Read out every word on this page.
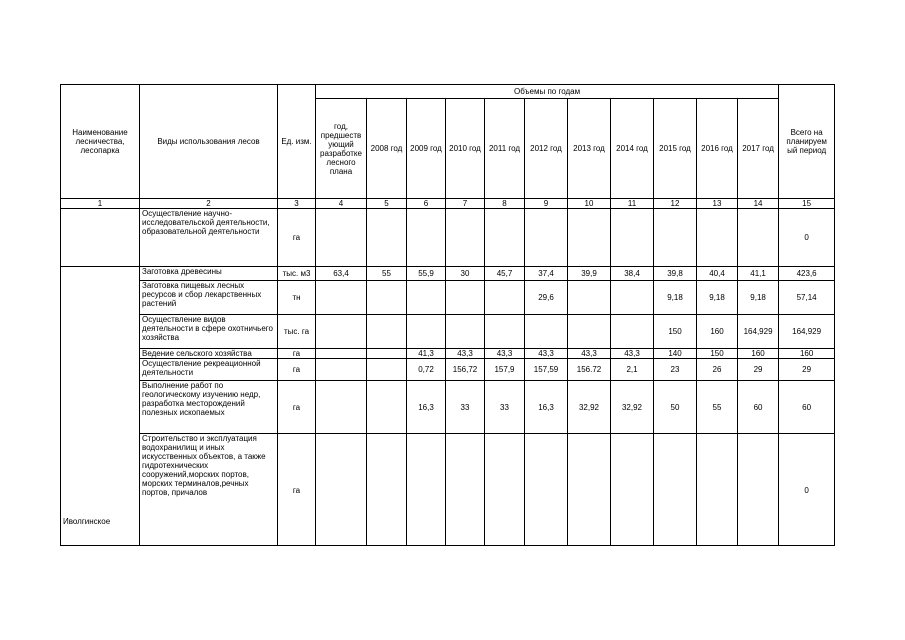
Наименование лесничества, лесопарка	Виды использования лесов	Ед. изм.	Объемы по годам											Всего на планируем ый период
			год, предшеств ующий разработке лесного плана	2008 год	2009 год	2010 год	2011 год	2012 год	2013 год	2014 год	2015 год	2016 год	2017 год	
1	2	3	4	5	6	7	8	9	10	11	12	13	14	15
	Осуществление научно-исследовательской деятельности, образовательной деятельности	га												0
Иволгинское	Заготовка древесины	тыс. м3	63,4	55	55,9	30	45,7	37,4	39,9	38,4	39,8	40,4	41,1	423,6
	Заготовка пищевых лесных ресурсов и сбор лекарственных растений	тн						29,6			9,18	9,18	9,18	57,14
	Осуществление видов деятельности в сфере охотничьего хозяйства	тыс. га									150	160	164,929	164,929
	Ведение сельского хозяйства	га			41,3	43,3	43,3	43,3	43,3	43,3	140	150	160	160
	Осуществление рекреационной деятельности	га			0,72	156,72	157,9	157,59	156.72	2,1	23	26	29	29
	Выполнение работ по геологическому изучению недр, разработка месторождений полезных ископаемых	га			16,3	33	33	16,3	32,92	32,92	50	55	60	60
	Строительство и эксплуатация водохранилищ и иных искусственных объектов, а также гидротехнических сооружений,морских портов, морских терминалов,речных портов, причалов	га												0
